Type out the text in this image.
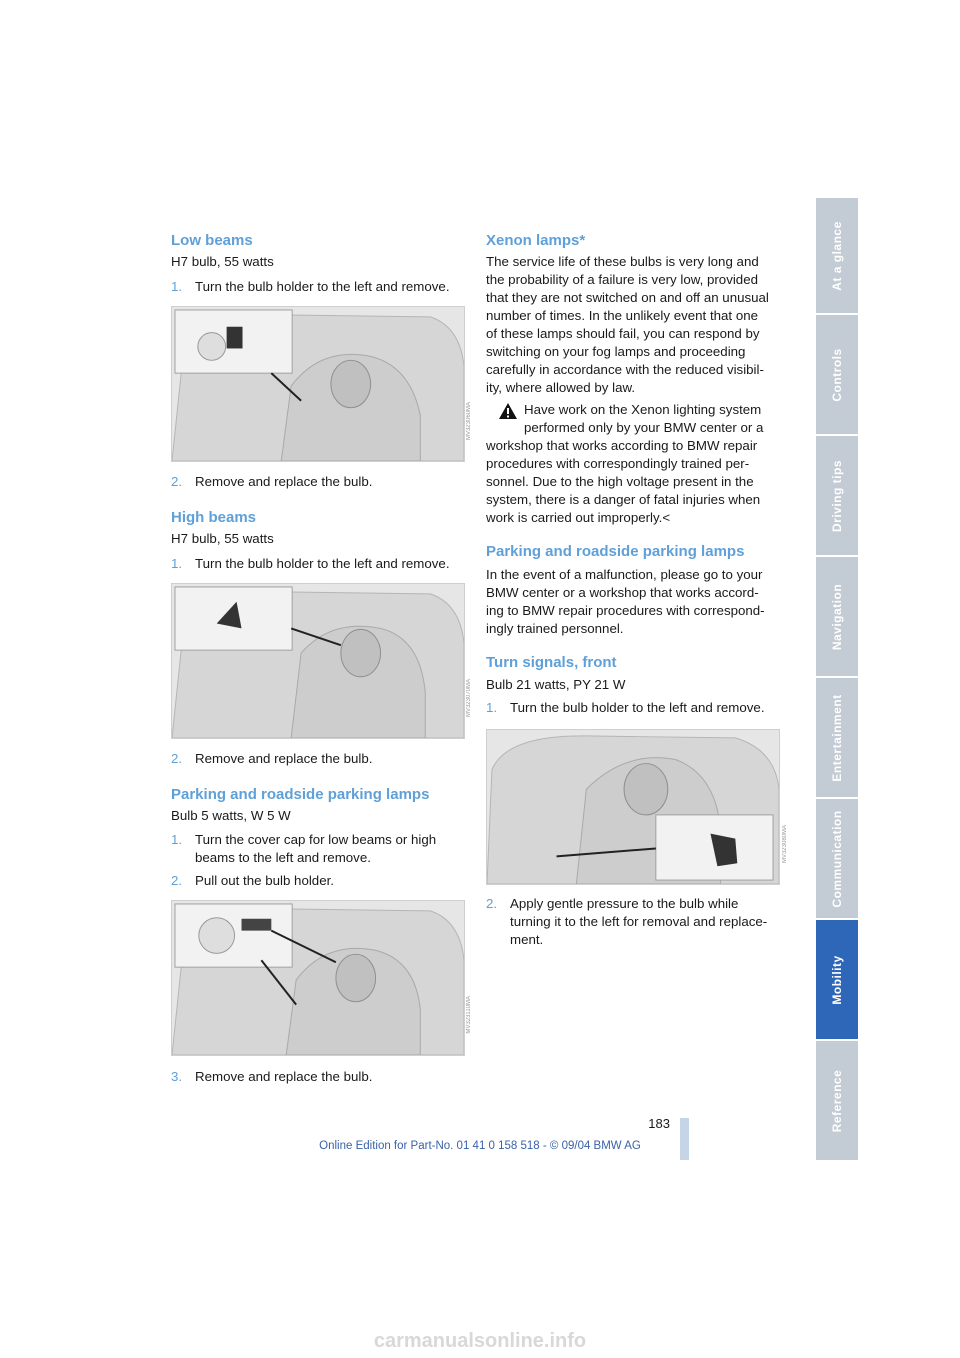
Low beams
H7 bulb, 55 watts
1. Turn the bulb holder to the left and remove.
MV323060MA
2. Remove and replace the bulb.
High beams
H7 bulb, 55 watts
1. Turn the bulb holder to the left and remove.
MV323070MA
2. Remove and replace the bulb.
Parking and roadside parking lamps
Bulb 5 watts, W 5 W
1. Turn the cover cap for low beams or high
beams to the left and remove.
2. Pull out the bulb holder.
MV323110MA
3. Remove and replace the bulb.
Xenon lamps*
The service life of these bulbs is very long and
the probability of a failure is very low, provided
that they are not switched on and off an unusual
number of times. In the unlikely event that one
of these lamps should fail, you can respond by
switching on your fog lamps and proceeding
carefully in accordance with the reduced visibil-
ity, where allowed by law.
Have work on the Xenon lighting system
performed only by your BMW center or a
workshop that works according to BMW repair
procedures with correspondingly trained per-
sonnel. Due to the high voltage present in the
system, there is a danger of fatal injuries when
work is carried out improperly.<
Parking and roadside parking lamps
In the event of a malfunction, please go to your
BMW center or a workshop that works accord-
ing to BMW repair procedures with correspond-
ingly trained personnel.
Turn signals, front
Bulb 21 watts, PY 21 W
1. Turn the bulb holder to the left and remove.
MV323080MA
2. Apply gentle pressure to the bulb while
turning it to the left for removal and replace-
ment.
At a glance
Controls
Driving tips
Navigation
Entertainment
Communication
Mobility
Reference
183
Online Edition for Part-No. 01 41 0 158 518 - © 09/04 BMW AG
carmanualsonline.info
